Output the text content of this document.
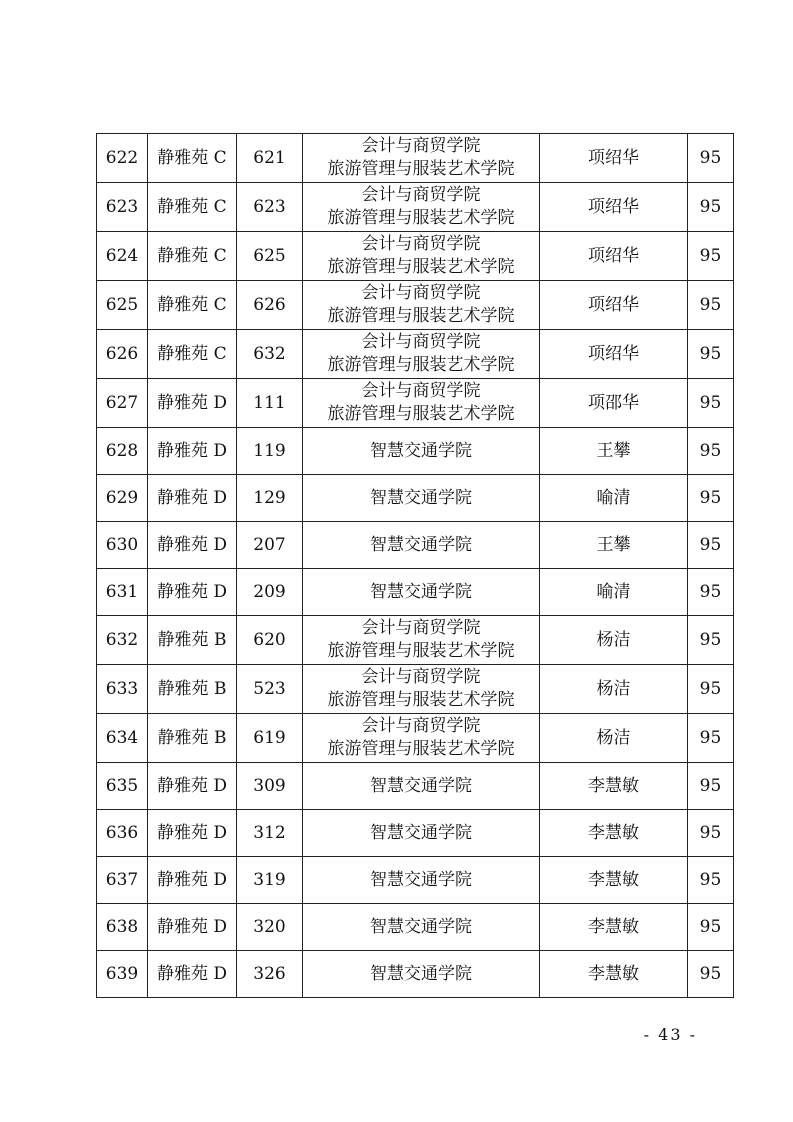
622	静雅苑 C	621	会计与商贸学院
旅游管理与服装艺术学院	项绍华	95
623	静雅苑 C	623	会计与商贸学院
旅游管理与服装艺术学院	项绍华	95
624	静雅苑 C	625	会计与商贸学院
旅游管理与服装艺术学院	项绍华	95
625	静雅苑 C	626	会计与商贸学院
旅游管理与服装艺术学院	项绍华	95
626	静雅苑 C	632	会计与商贸学院
旅游管理与服装艺术学院	项绍华	95
627	静雅苑 D	111	会计与商贸学院
旅游管理与服装艺术学院	项邵华	95
628	静雅苑 D	119	智慧交通学院	王攀	95
629	静雅苑 D	129	智慧交通学院	喻清	95
630	静雅苑 D	207	智慧交通学院	王攀	95
631	静雅苑 D	209	智慧交通学院	喻清	95
632	静雅苑 B	620	会计与商贸学院
旅游管理与服装艺术学院	杨洁	95
633	静雅苑 B	523	会计与商贸学院
旅游管理与服装艺术学院	杨洁	95
634	静雅苑 B	619	会计与商贸学院
旅游管理与服装艺术学院	杨洁	95
635	静雅苑 D	309	智慧交通学院	李慧敏	95
636	静雅苑 D	312	智慧交通学院	李慧敏	95
637	静雅苑 D	319	智慧交通学院	李慧敏	95
638	静雅苑 D	320	智慧交通学院	李慧敏	95
639	静雅苑 D	326	智慧交通学院	李慧敏	95
- 43 -
